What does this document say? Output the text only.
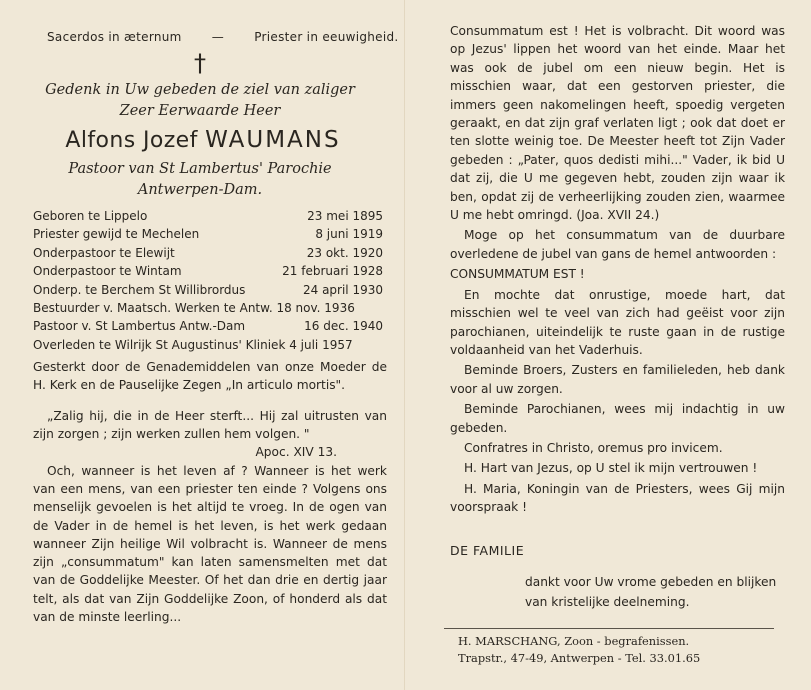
Sacerdos in æternum	—	Priester in eeuwigheid.
†
Gedenk in Uw gebeden de ziel van zaliger
Zeer Eerwaarde Heer
Alfons Jozef WAUMANS
Pastoor van St Lambertus' Parochie
Antwerpen-Dam.
Geboren te Lippelo	23 mei 1895
Priester gewijd te Mechelen	8 juni 1919
Onderpastoor te Elewijt	23 okt. 1920
Onderpastoor te Wintam	21 februari 1928
Onderp. te Berchem St Willibrordus	24 april 1930
Bestuurder v. Maatsch. Werken te Antw. 18 nov. 1936
Pastoor v. St Lambertus Antw.-Dam	16 dec. 1940
Overleden te Wilrijk St Augustinus' Kliniek 4 juli 1957
Gesterkt door de Genademiddelen van onze Moeder de H. Kerk en de Pauselijke Zegen „In articulo mortis".
„Zalig hij, die in de Heer sterft... Hij zal uitrusten van zijn zorgen ; zijn werken zullen hem volgen. "
Apoc. XIV 13.
Och, wanneer is het leven af ? Wanneer is het werk van een mens, van een priester ten einde ? Volgens ons menselijk gevoelen is het altijd te vroeg. In de ogen van de Vader in de hemel is het leven, is het werk gedaan wanneer Zijn heilige Wil volbracht is. Wanneer de mens zijn „consummatum" kan laten samensmelten met dat van de Goddelijke Meester. Of het dan drie en dertig jaar telt, als dat van Zijn Goddelijke Zoon, of honderd als dat van de minste leerling...

Consummatum est ! Het is volbracht. Dit woord was op Jezus' lippen het woord van het einde. Maar het was ook de jubel om een nieuw begin. Het is misschien waar, dat een gestorven priester, die immers geen nakomelingen heeft, spoedig vergeten geraakt, en dat zijn graf verlaten ligt ; ook dat doet er ten slotte weinig toe. De Meester heeft tot Zijn Vader gebeden : „Pater, quos dedisti mihi..." Vader, ik bid U dat zij, die U me gegeven hebt, zouden zijn waar ik ben, opdat zij de verheerlijking zouden zien, waarmee U me hebt omringd. (Joa. XVII 24.)

Moge op het consummatum van de duurbare overledene de jubel van gans de hemel antwoorden :

CONSUMMATUM EST !

En mochte dat onrustige, moede hart, dat misschien wel te veel van zich had geëist voor zijn parochianen, uiteindelijk te ruste gaan in de rustige voldaanheid van het Vaderhuis.

Beminde Broers, Zusters en familieleden, heb dank voor al uw zorgen.

Beminde Parochianen, wees mij indachtig in uw gebeden.

Confratres in Christo, oremus pro invicem.

H. Hart van Jezus, op U stel ik mijn vertrouwen !

H. Maria, Koningin van de Priesters, wees Gij mijn voorspraak !

DE FAMILIE
dankt voor Uw vrome gebeden en blijken
van kristelijke deelneming.
H. MARSCHANG, Zoon - begrafenissen.
Trapstr., 47-49, Antwerpen - Tel. 33.01.65
